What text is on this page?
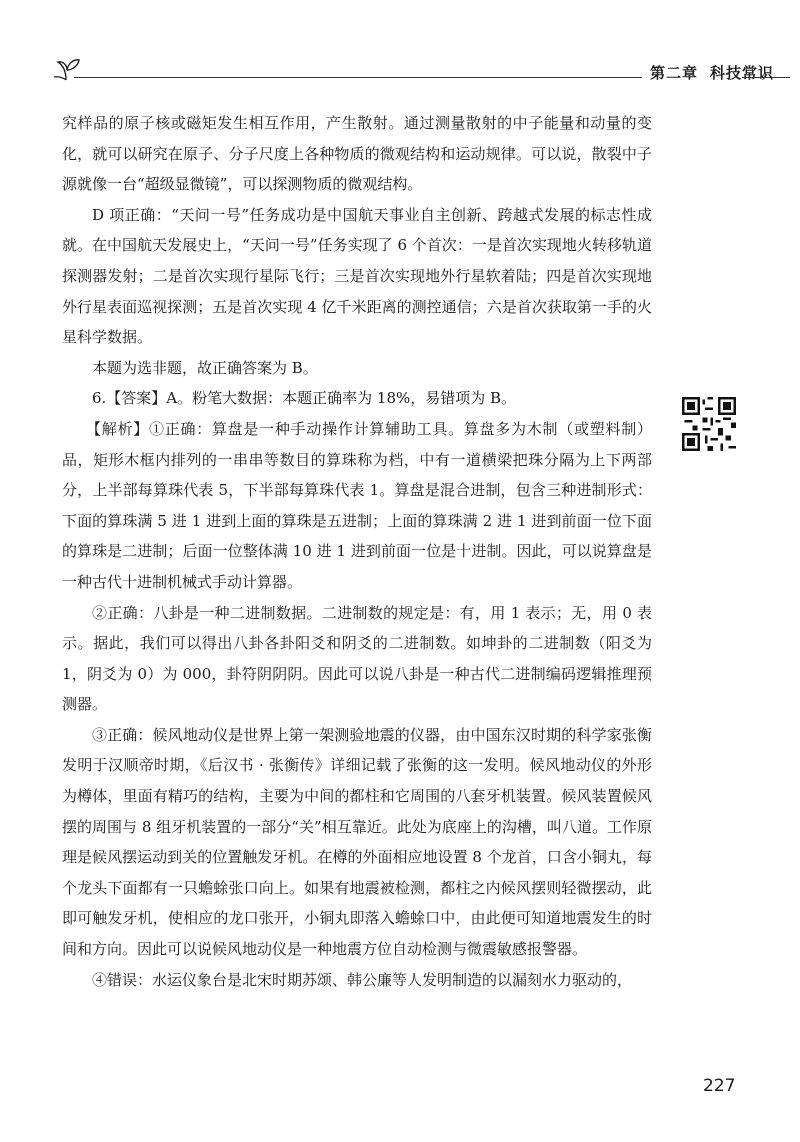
第二章 科技常识

究样品的原子核或磁矩发生相互作用，产生散射。通过测量散射的中子能量和动量的变化，就可以研究在原子、分子尺度上各种物质的微观结构和运动规律。可以说，散裂中子源就像一台“超级显微镜”，可以探测物质的微观结构。

D 项正确：“天问一号”任务成功是中国航天事业自主创新、跨越式发展的标志性成就。在中国航天发展史上，“天问一号”任务实现了 6 个首次：一是首次实现地火转移轨道探测器发射；二是首次实现行星际飞行；三是首次实现地外行星软着陆；四是首次实现地外行星表面巡视探测；五是首次实现 4 亿千米距离的测控通信；六是首次获取第一手的火星科学数据。

本题为选非题，故正确答案为 B。

6.【答案】A。粉笔大数据：本题正确率为 18%，易错项为 B。

【解析】①正确：算盘是一种手动操作计算辅助工具。算盘多为木制（或塑料制）品，矩形木框内排列的一串串等数目的算珠称为档，中有一道横梁把珠分隔为上下两部分，上半部每算珠代表 5，下半部每算珠代表 1。算盘是混合进制，包含三种进制形式：下面的算珠满 5 进 1 进到上面的算珠是五进制；上面的算珠满 2 进 1 进到前面一位下面的算珠是二进制；后面一位整体满 10 进 1 进到前面一位是十进制。因此，可以说算盘是一种古代十进制机械式手动计算器。

②正确：八卦是一种二进制数据。二进制数的规定是：有，用 1 表示；无，用 0 表示。据此，我们可以得出八卦各卦阳爻和阴爻的二进制数。如坤卦的二进制数（阳爻为 1，阴爻为 0）为 000，卦符阴阴阴。因此可以说八卦是一种古代二进制编码逻辑推理预测器。

③正确：候风地动仪是世界上第一架测验地震的仪器，由中国东汉时期的科学家张衡发明于汉顺帝时期，《后汉书 · 张衡传》详细记载了张衡的这一发明。候风地动仪的外形为樽体，里面有精巧的结构，主要为中间的都柱和它周围的八套牙机装置。候风装置候风摆的周围与 8 组牙机装置的一部分“关”相互靠近。此处为底座上的沟槽，叫八道。工作原理是候风摆运动到关的位置触发牙机。在樽的外面相应地设置 8 个龙首，口含小铜丸，每个龙头下面都有一只蟾蜍张口向上。如果有地震被检测，都柱之内候风摆则轻微摆动，此即可触发牙机，使相应的龙口张开，小铜丸即落入蟾蜍口中，由此便可知道地震发生的时间和方向。因此可以说候风地动仪是一种地震方位自动检测与微震敏感报警器。

④错误：水运仪象台是北宋时期苏颂、韩公廉等人发明制造的以漏刻水力驱动的，

227
